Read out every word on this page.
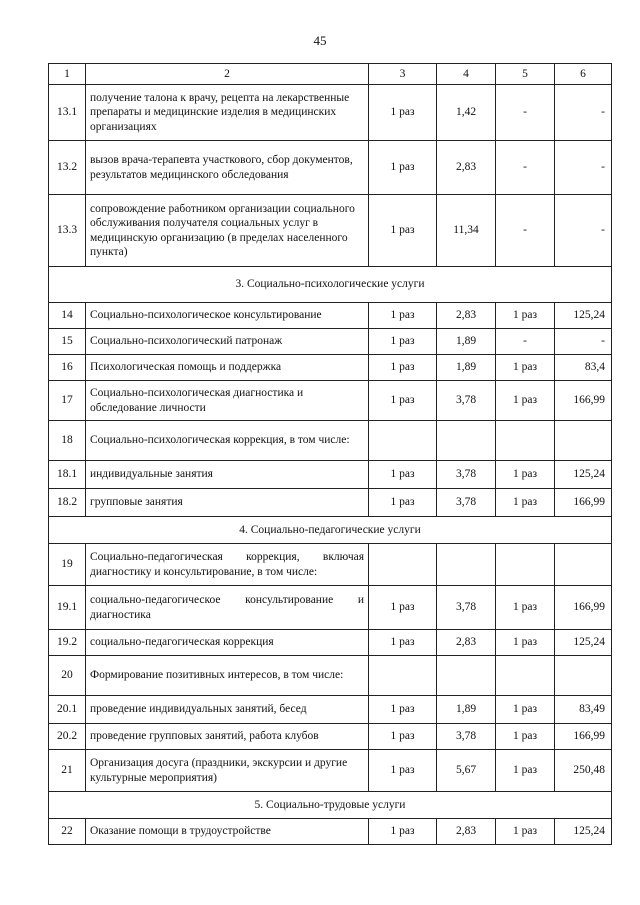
45
1	2	3	4	5	6
13.1	получение талона к врачу, рецепта на лекарственные препараты и медицинские изделия в медицинских организациях	1 раз	1,42	-	-
13.2	вызов врача-терапевта участкового, сбор документов, результатов медицинского обследования	1 раз	2,83	-	-
13.3	сопровождение работником организации социального обслуживания получателя социальных услуг в медицинскую организацию (в пределах населенного пункта)	1 раз	11,34	-	-
3. Социально-психологические услуги					
14	Социально-психологическое консультирование	1 раз	2,83	1 раз	125,24
15	Социально-психологический патронаж	1 раз	1,89	-	-
16	Психологическая помощь и поддержка	1 раз	1,89	1 раз	83,4
17	Социально-психологическая диагностика и обследование личности	1 раз	3,78	1 раз	166,99
18	Социально-психологическая коррекция, в том числе:				
18.1	индивидуальные занятия	1 раз	3,78	1 раз	125,24
18.2	групповые занятия	1 раз	3,78	1 раз	166,99
4. Социально-педагогические услуги					
19	Социально-педагогическая коррекция, включая диагностику и консультирование, в том числе:				
19.1	социально-педагогическое консультирование и диагностика	1 раз	3,78	1 раз	166,99
19.2	социально-педагогическая коррекция	1 раз	2,83	1 раз	125,24
20	Формирование позитивных интересов, в том числе:				
20.1	проведение индивидуальных занятий, бесед	1 раз	1,89	1 раз	83,49
20.2	проведение групповых занятий, работа клубов	1 раз	3,78	1 раз	166,99
21	Организация досуга (праздники, экскурсии и другие культурные мероприятия)	1 раз	5,67	1 раз	250,48
5. Социально-трудовые услуги					
22	Оказание помощи в трудоустройстве	1 раз	2,83	1 раз	125,24
